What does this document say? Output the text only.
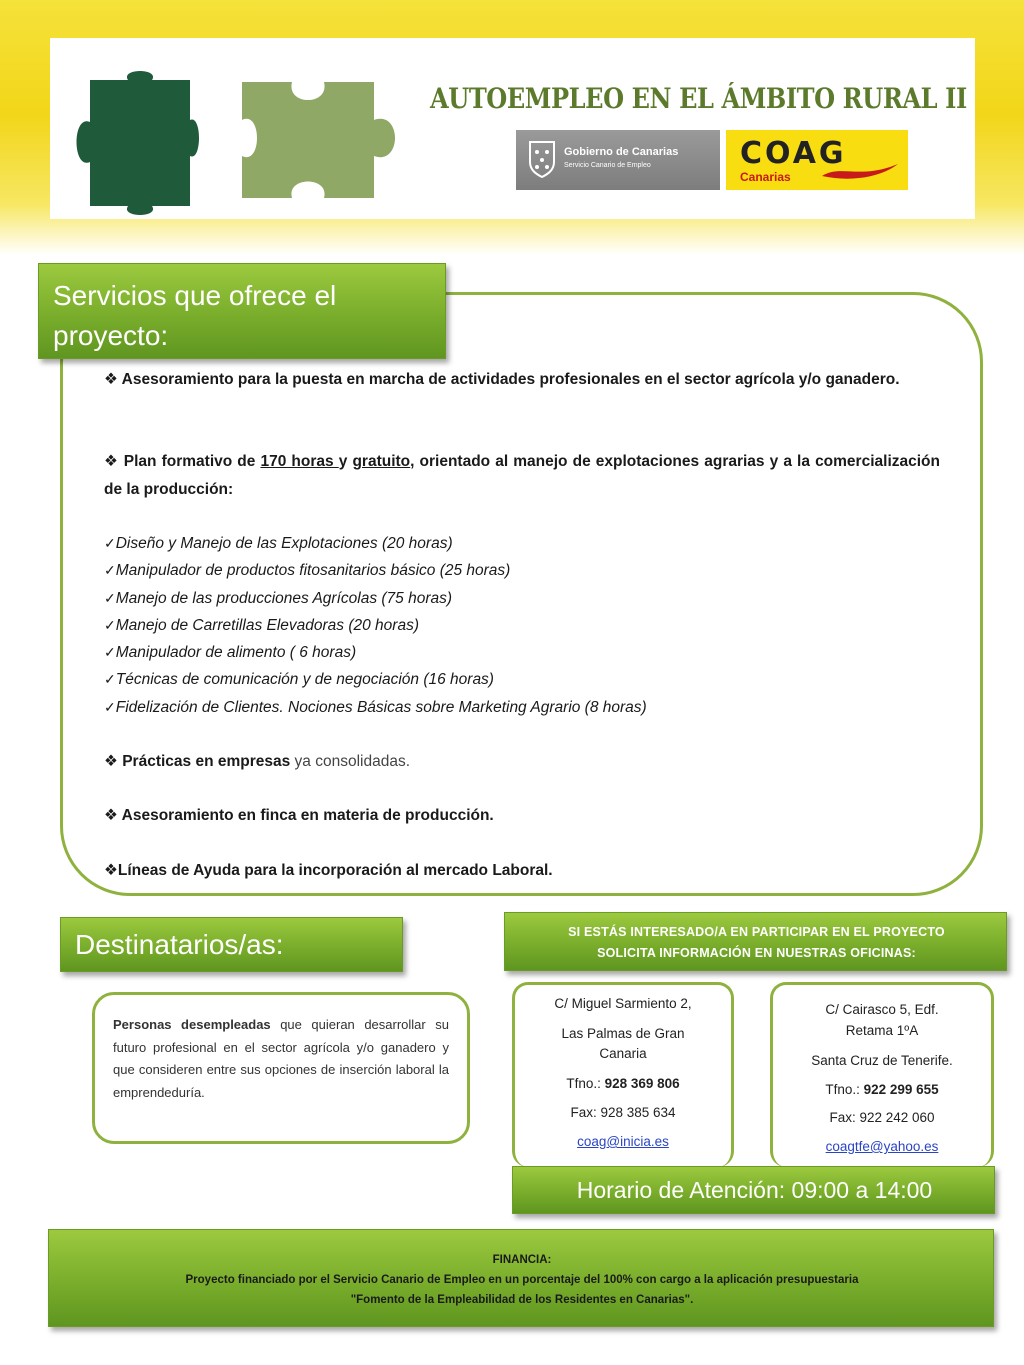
AUTOEMPLEO EN EL ÁMBITO RURAL II
Gobierno de Canarias
Servicio Canario de Empleo	COAG
Canarias
Servicios que ofrece el proyecto:
❖ Asesoramiento para la puesta en marcha de actividades profesionales en el sector agrícola y/o ganadero.
❖ Plan formativo de 170 horas y gratuito, orientado al manejo de explotaciones agrarias y a la comercialización de la producción:
✓Diseño y Manejo de las Explotaciones (20 horas)
✓Manipulador de productos fitosanitarios básico (25 horas)
✓Manejo de las producciones Agrícolas (75 horas)
✓Manejo de Carretillas Elevadoras (20 horas)
✓Manipulador de alimento ( 6 horas)
✓Técnicas de comunicación y de negociación (16 horas)
✓Fidelización de Clientes. Nociones Básicas sobre Marketing Agrario (8 horas)
❖ Prácticas en empresas ya consolidadas.
❖ Asesoramiento en finca en materia de producción.
❖Líneas de Ayuda para la incorporación al mercado Laboral.
Destinatarios/as:
Personas desempleadas que quieran desarrollar su futuro profesional en el sector agrícola y/o ganadero y que consideren entre sus opciones de inserción laboral la emprendeduría.
SI ESTÁS INTERESADO/A EN PARTICIPAR EN EL PROYECTO
SOLICITA INFORMACIÓN EN NUESTRAS OFICINAS:
C/ Miguel Sarmiento 2,
Las Palmas de Gran
Canaria
Tfno.: 928 369 806
Fax: 928 385 634
coag@inicia.es
C/ Cairasco 5, Edf.
Retama 1ºA
Santa Cruz de Tenerife.
Tfno.: 922 299 655
Fax: 922 242 060
coagtfe@yahoo.es
Horario de Atención: 09:00 a 14:00
FINANCIA:
Proyecto financiado por el Servicio Canario de Empleo en un porcentaje del 100% con cargo a la aplicación presupuestaria
"Fomento de la Empleabilidad de los Residentes en Canarias".
